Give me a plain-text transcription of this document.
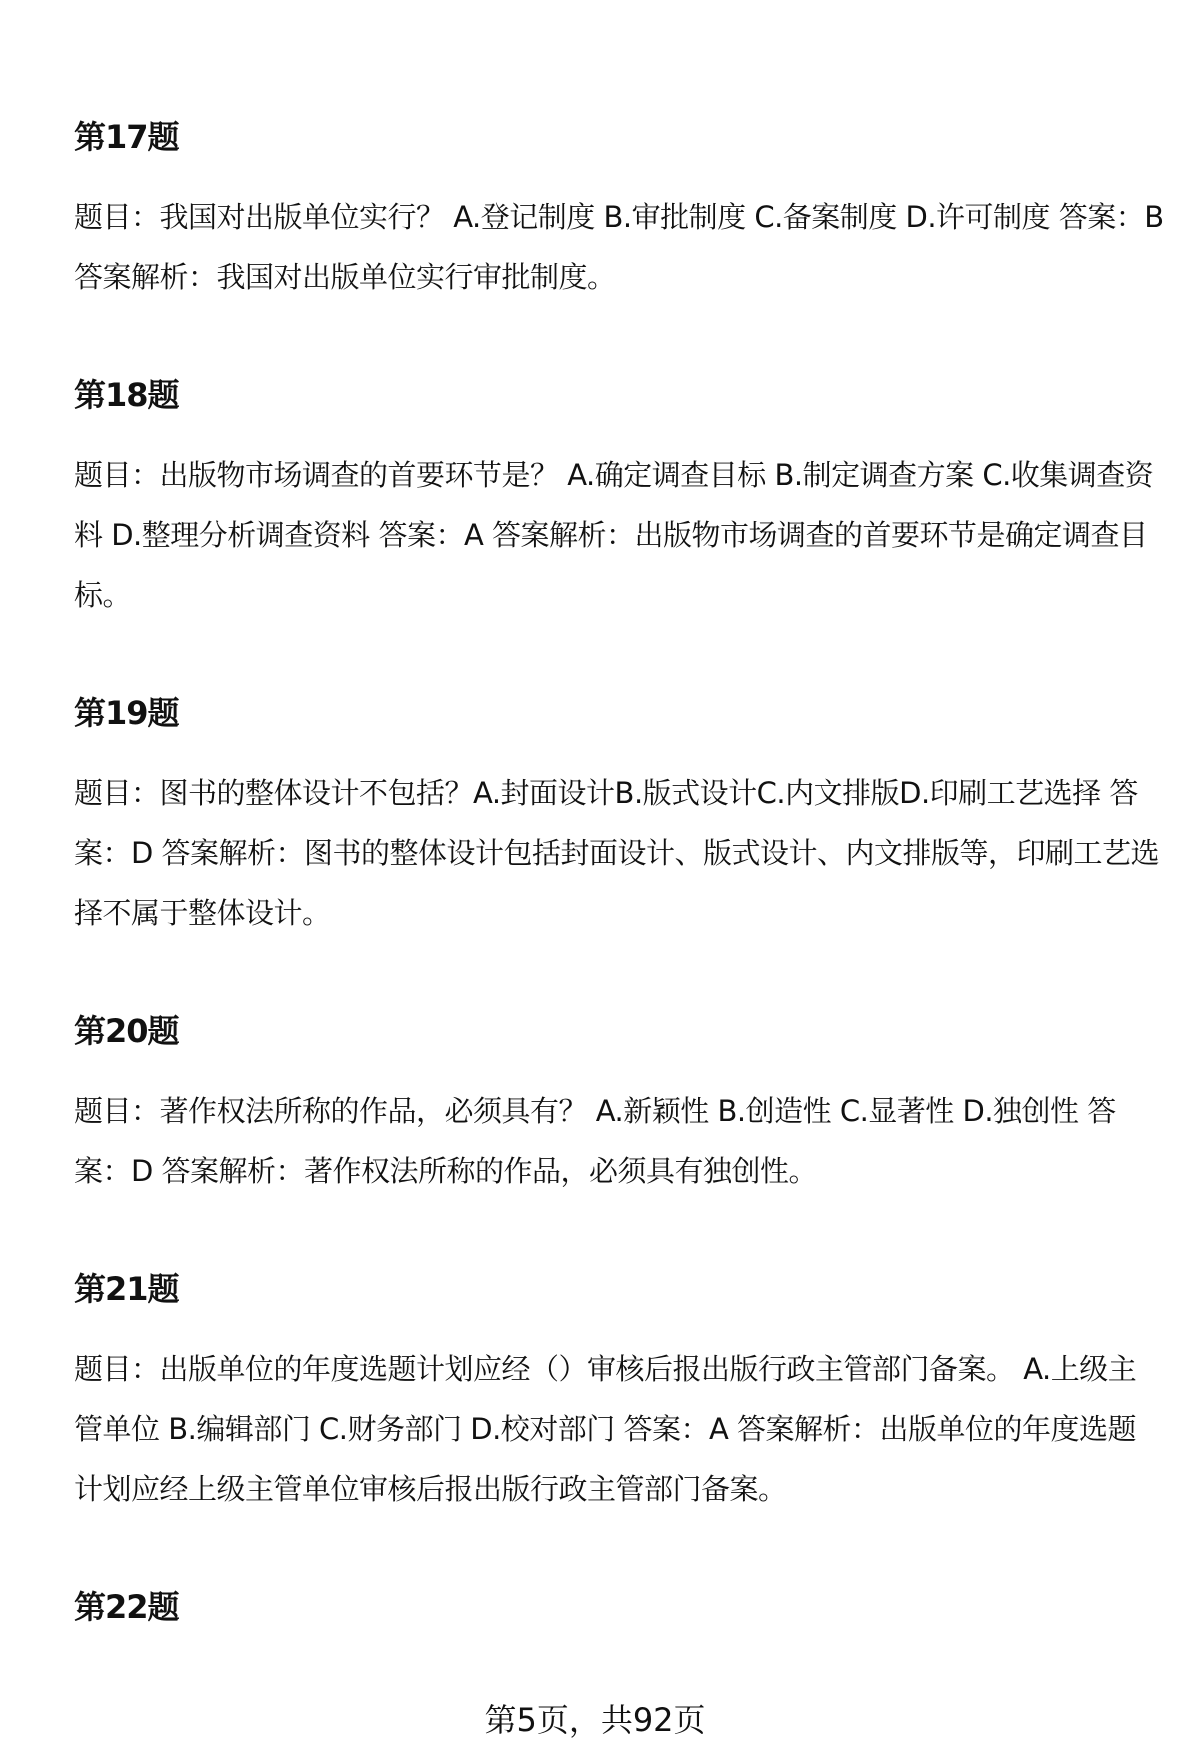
第17题

题目：我国对出版单位实行？ A.登记制度 B.审批制度 C.备案制度 D.许可制度 答案：B 答案解析：我国对出版单位实行审批制度。

第18题

题目：出版物市场调查的首要环节是？ A.确定调查目标 B.制定调查方案 C.收集调查资料 D.整理分析调查资料 答案：A 答案解析：出版物市场调查的首要环节是确定调查目标。

第19题

题目：图书的整体设计不包括？A.封面设计B.版式设计C.内文排版D.印刷工艺选择 答案：D 答案解析：图书的整体设计包括封面设计、版式设计、内文排版等，印刷工艺选择不属于整体设计。

第20题

题目：著作权法所称的作品，必须具有？ A.新颖性 B.创造性 C.显著性 D.独创性 答案：D 答案解析：著作权法所称的作品，必须具有独创性。

第21题

题目：出版单位的年度选题计划应经（）审核后报出版行政主管部门备案。 A.上级主管单位 B.编辑部门 C.财务部门 D.校对部门 答案：A 答案解析：出版单位的年度选题计划应经上级主管单位审核后报出版行政主管部门备案。

第22题
第5页，共92页
